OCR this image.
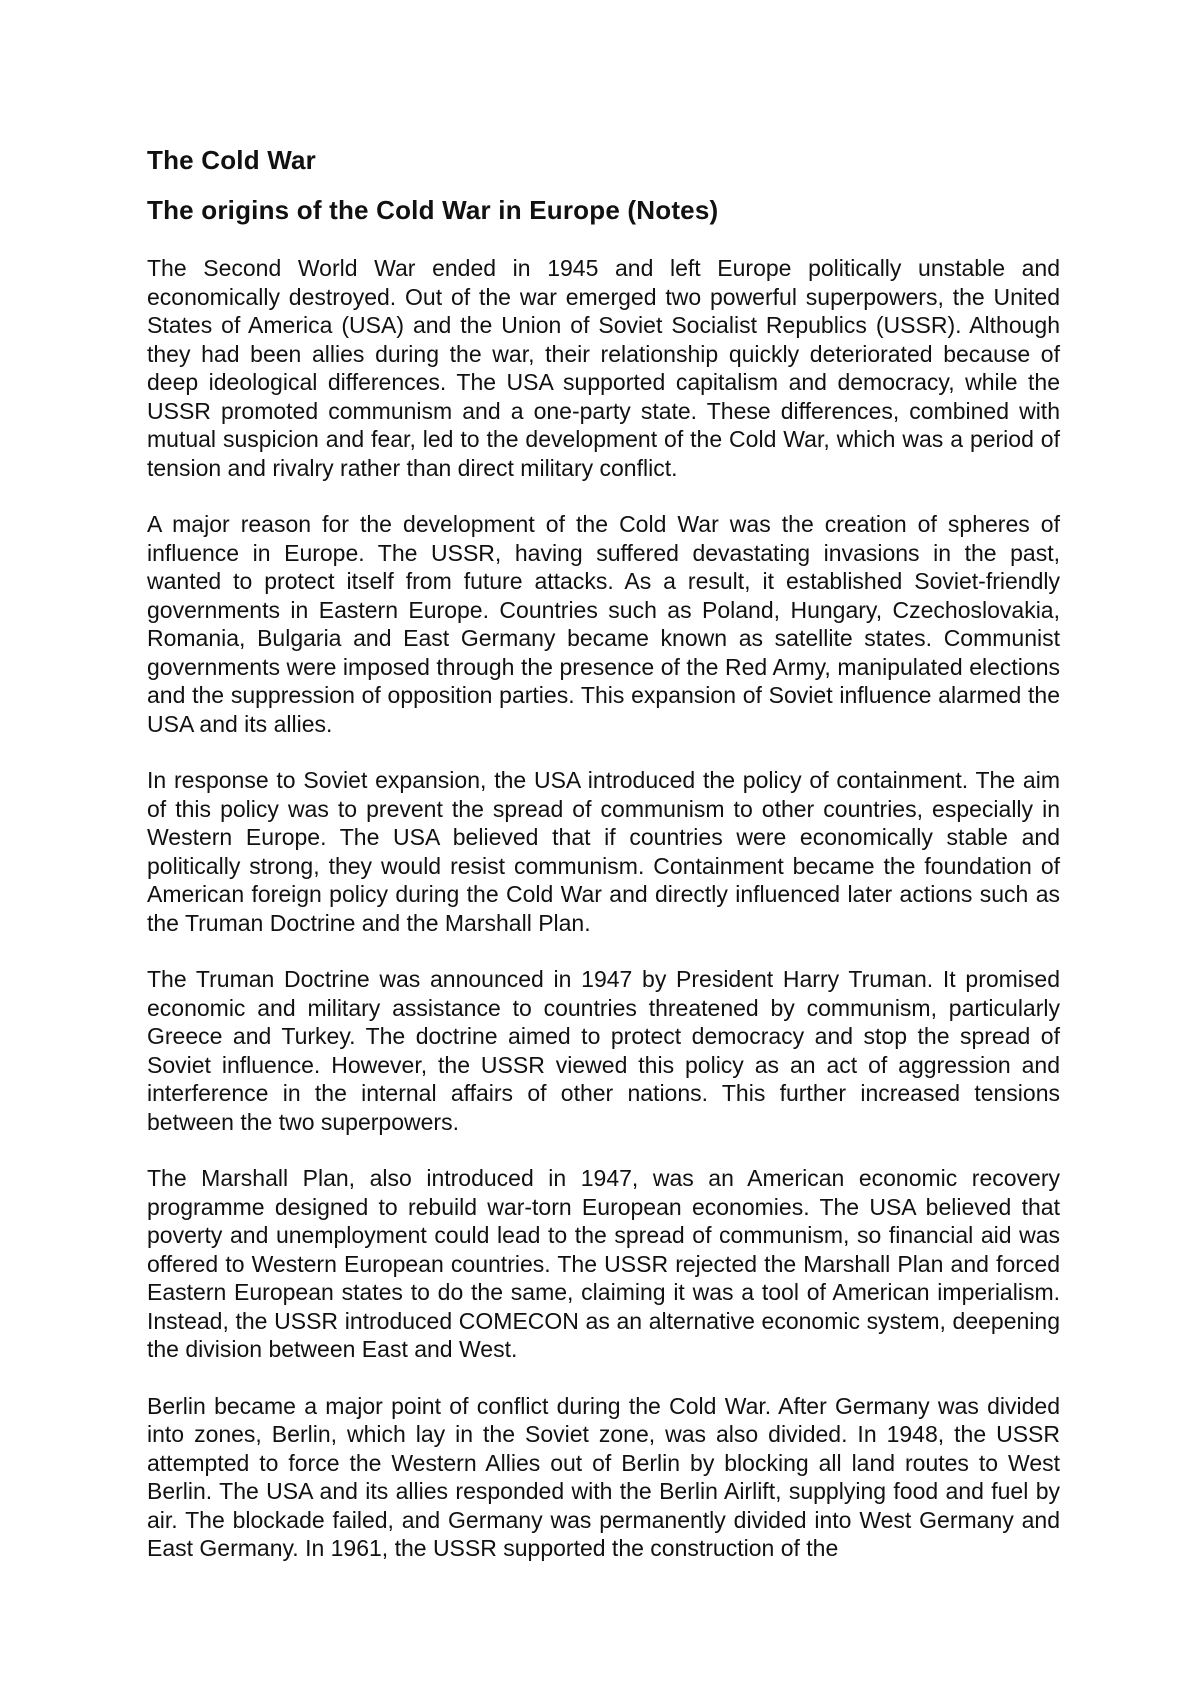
The Cold War
The origins of the Cold War in Europe (Notes)

The Second World War ended in 1945 and left Europe politically unstable and economically destroyed. Out of the war emerged two powerful superpowers, the United States of America (USA) and the Union of Soviet Socialist Republics (USSR). Although they had been allies during the war, their relationship quickly deteriorated because of deep ideological differences. The USA supported capitalism and democracy, while the USSR promoted communism and a one-party state. These differences, combined with mutual suspicion and fear, led to the development of the Cold War, which was a period of tension and rivalry rather than direct military conflict.

A major reason for the development of the Cold War was the creation of spheres of influence in Europe. The USSR, having suffered devastating invasions in the past, wanted to protect itself from future attacks. As a result, it established Soviet-friendly governments in Eastern Europe. Countries such as Poland, Hungary, Czechoslovakia, Romania, Bulgaria and East Germany became known as satellite states. Communist governments were imposed through the presence of the Red Army, manipulated elections and the suppression of opposition parties. This expansion of Soviet influence alarmed the USA and its allies.

In response to Soviet expansion, the USA introduced the policy of containment. The aim of this policy was to prevent the spread of communism to other countries, especially in Western Europe. The USA believed that if countries were economically stable and politically strong, they would resist communism. Containment became the foundation of American foreign policy during the Cold War and directly influenced later actions such as the Truman Doctrine and the Marshall Plan.

The Truman Doctrine was announced in 1947 by President Harry Truman. It promised economic and military assistance to countries threatened by communism, particularly Greece and Turkey. The doctrine aimed to protect democracy and stop the spread of Soviet influence. However, the USSR viewed this policy as an act of aggression and interference in the internal affairs of other nations. This further increased tensions between the two superpowers.

The Marshall Plan, also introduced in 1947, was an American economic recovery programme designed to rebuild war-torn European economies. The USA believed that poverty and unemployment could lead to the spread of communism, so financial aid was offered to Western European countries. The USSR rejected the Marshall Plan and forced Eastern European states to do the same, claiming it was a tool of American imperialism. Instead, the USSR introduced COMECON as an alternative economic system, deepening the division between East and West.

Berlin became a major point of conflict during the Cold War. After Germany was divided into zones, Berlin, which lay in the Soviet zone, was also divided. In 1948, the USSR attempted to force the Western Allies out of Berlin by blocking all land routes to West Berlin. The USA and its allies responded with the Berlin Airlift, supplying food and fuel by air. The blockade failed, and Germany was permanently divided into West Germany and East Germany. In 1961, the USSR supported the construction of the
